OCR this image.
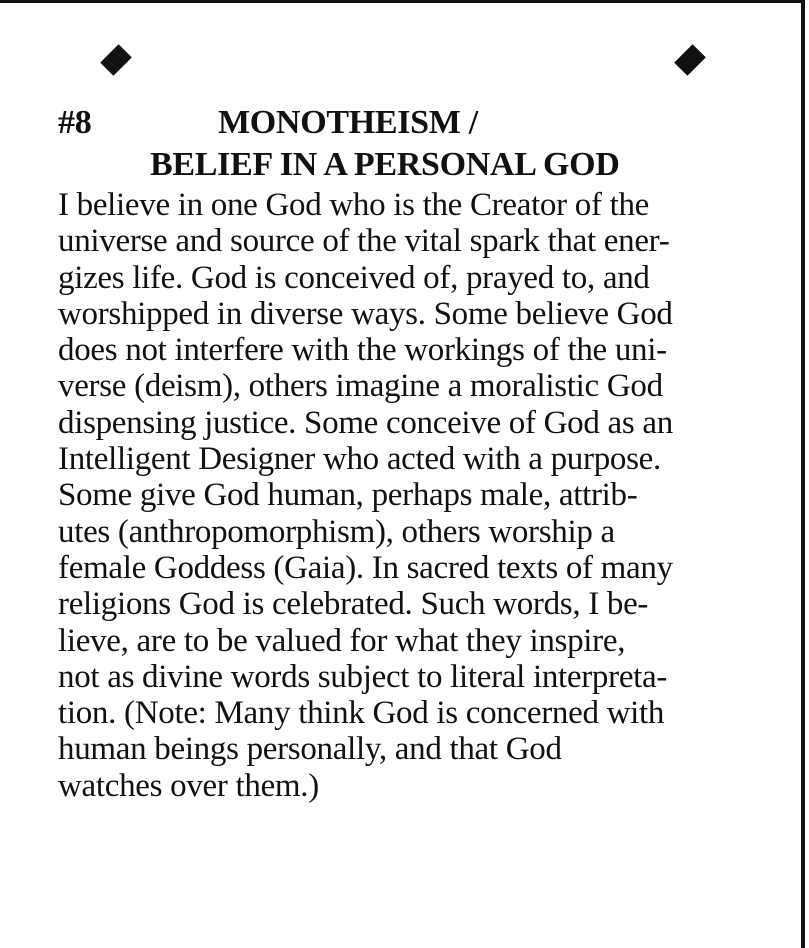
#8	MONOTHEISM /
BELIEF IN A PERSONAL GOD
I believe in one God who is the Creator of the
universe and source of the vital spark that ener-
gizes life. God is conceived of, prayed to, and
worshipped in diverse ways. Some believe God
does not interfere with the workings of the uni-
verse (deism), others imagine a moralistic God
dispensing justice. Some conceive of God as an
Intelligent Designer who acted with a purpose.
Some give God human, perhaps male, attrib-
utes (anthropomorphism), others worship a
female Goddess (Gaia). In sacred texts of many
religions God is celebrated. Such words, I be-
lieve, are to be valued for what they inspire,
not as divine words subject to literal interpreta-
tion. (Note: Many think God is concerned with
human beings personally, and that God
watches over them.)
